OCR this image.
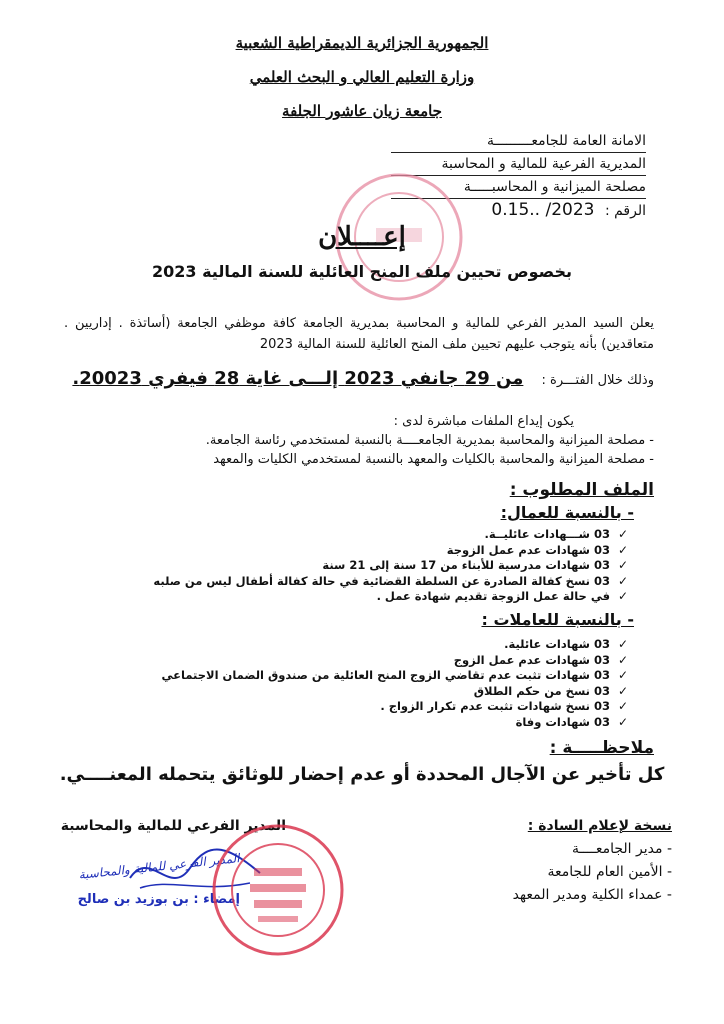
الجمهورية الجزائرية الديمقراطية الشعبية
وزارة التعليم العالي و البحث العلمي
جامعة زيان عاشور الجلفة
الامانة العامة للجامعـــــــــة
المديرية الفرعية للمالية و المحاسبة
مصلحة الميزانية و المحاسبـــــة
الرقم : 2023/ ..0.15
إعــــلان
بخصوص تحيين ملف المنح العائلية للسنة المالية 2023
يعلن السيد المدير الفرعي للمالية و المحاسبة بمديرية الجامعة كافة موظفي الجامعة (أساتذة . إداريين . متعاقدين) بأنه يتوجب عليهم تحيين ملف المنح العائلية للسنة المالية 2023
وذلك خلال الفتـــرة : من 29 جانفي 2023 إلـــى غاية 28 فيفري 20023.
يكون إيداع الملفات مباشرة لدى :
- مصلحة الميزانية والمحاسبة بمديرية الجامعــــة بالنسبة لمستخدمي رئاسة الجامعة.
- مصلحة الميزانية والمحاسبة بالكليات والمعهد بالنسبة لمستخدمي الكليات والمعهد
الملف المطلوب :
- بالنسبة للعمال:
✓ 03 شـــهادات عائليــة.
✓ 03 شهادات عدم عمل الزوجة
✓ 03 شهادات مدرسية للأبناء من 17 سنة إلى 21 سنة
✓ 03 نسخ كفالة الصادرة عن السلطة القضائية في حالة كفالة أطفال ليس من صلبه
✓ في حالة عمل الزوجة تقديم شهادة عمل .
- بالنسبة للعاملات :
✓ 03 شهادات عائلية.
✓ 03 شهادات عدم عمل الزوج
✓ 03 شهادات تثبت عدم تقاضي الزوج المنح العائلية من صندوق الضمان الاجتماعي
✓ 03 نسخ من حكم الطلاق
✓ 03 نسخ شهادات تثبت عدم تكرار الزواج .
✓ 03 شهادات وفاة
ملاحظـــــة :
كل تأخير عن الآجال المحددة أو عدم إحضار للوثائق يتحمله المعنــــي.
المدير الفرعي للمالية والمحاسبة
المدير الفرعي للمالية والمحاسبة
إمضاء : بن بوزيد بن صالح
نسخة لإعلام السادة :
- مدير الجامعــــة
- الأمين العام للجامعة
- عمداء الكلية ومدير المعهد
